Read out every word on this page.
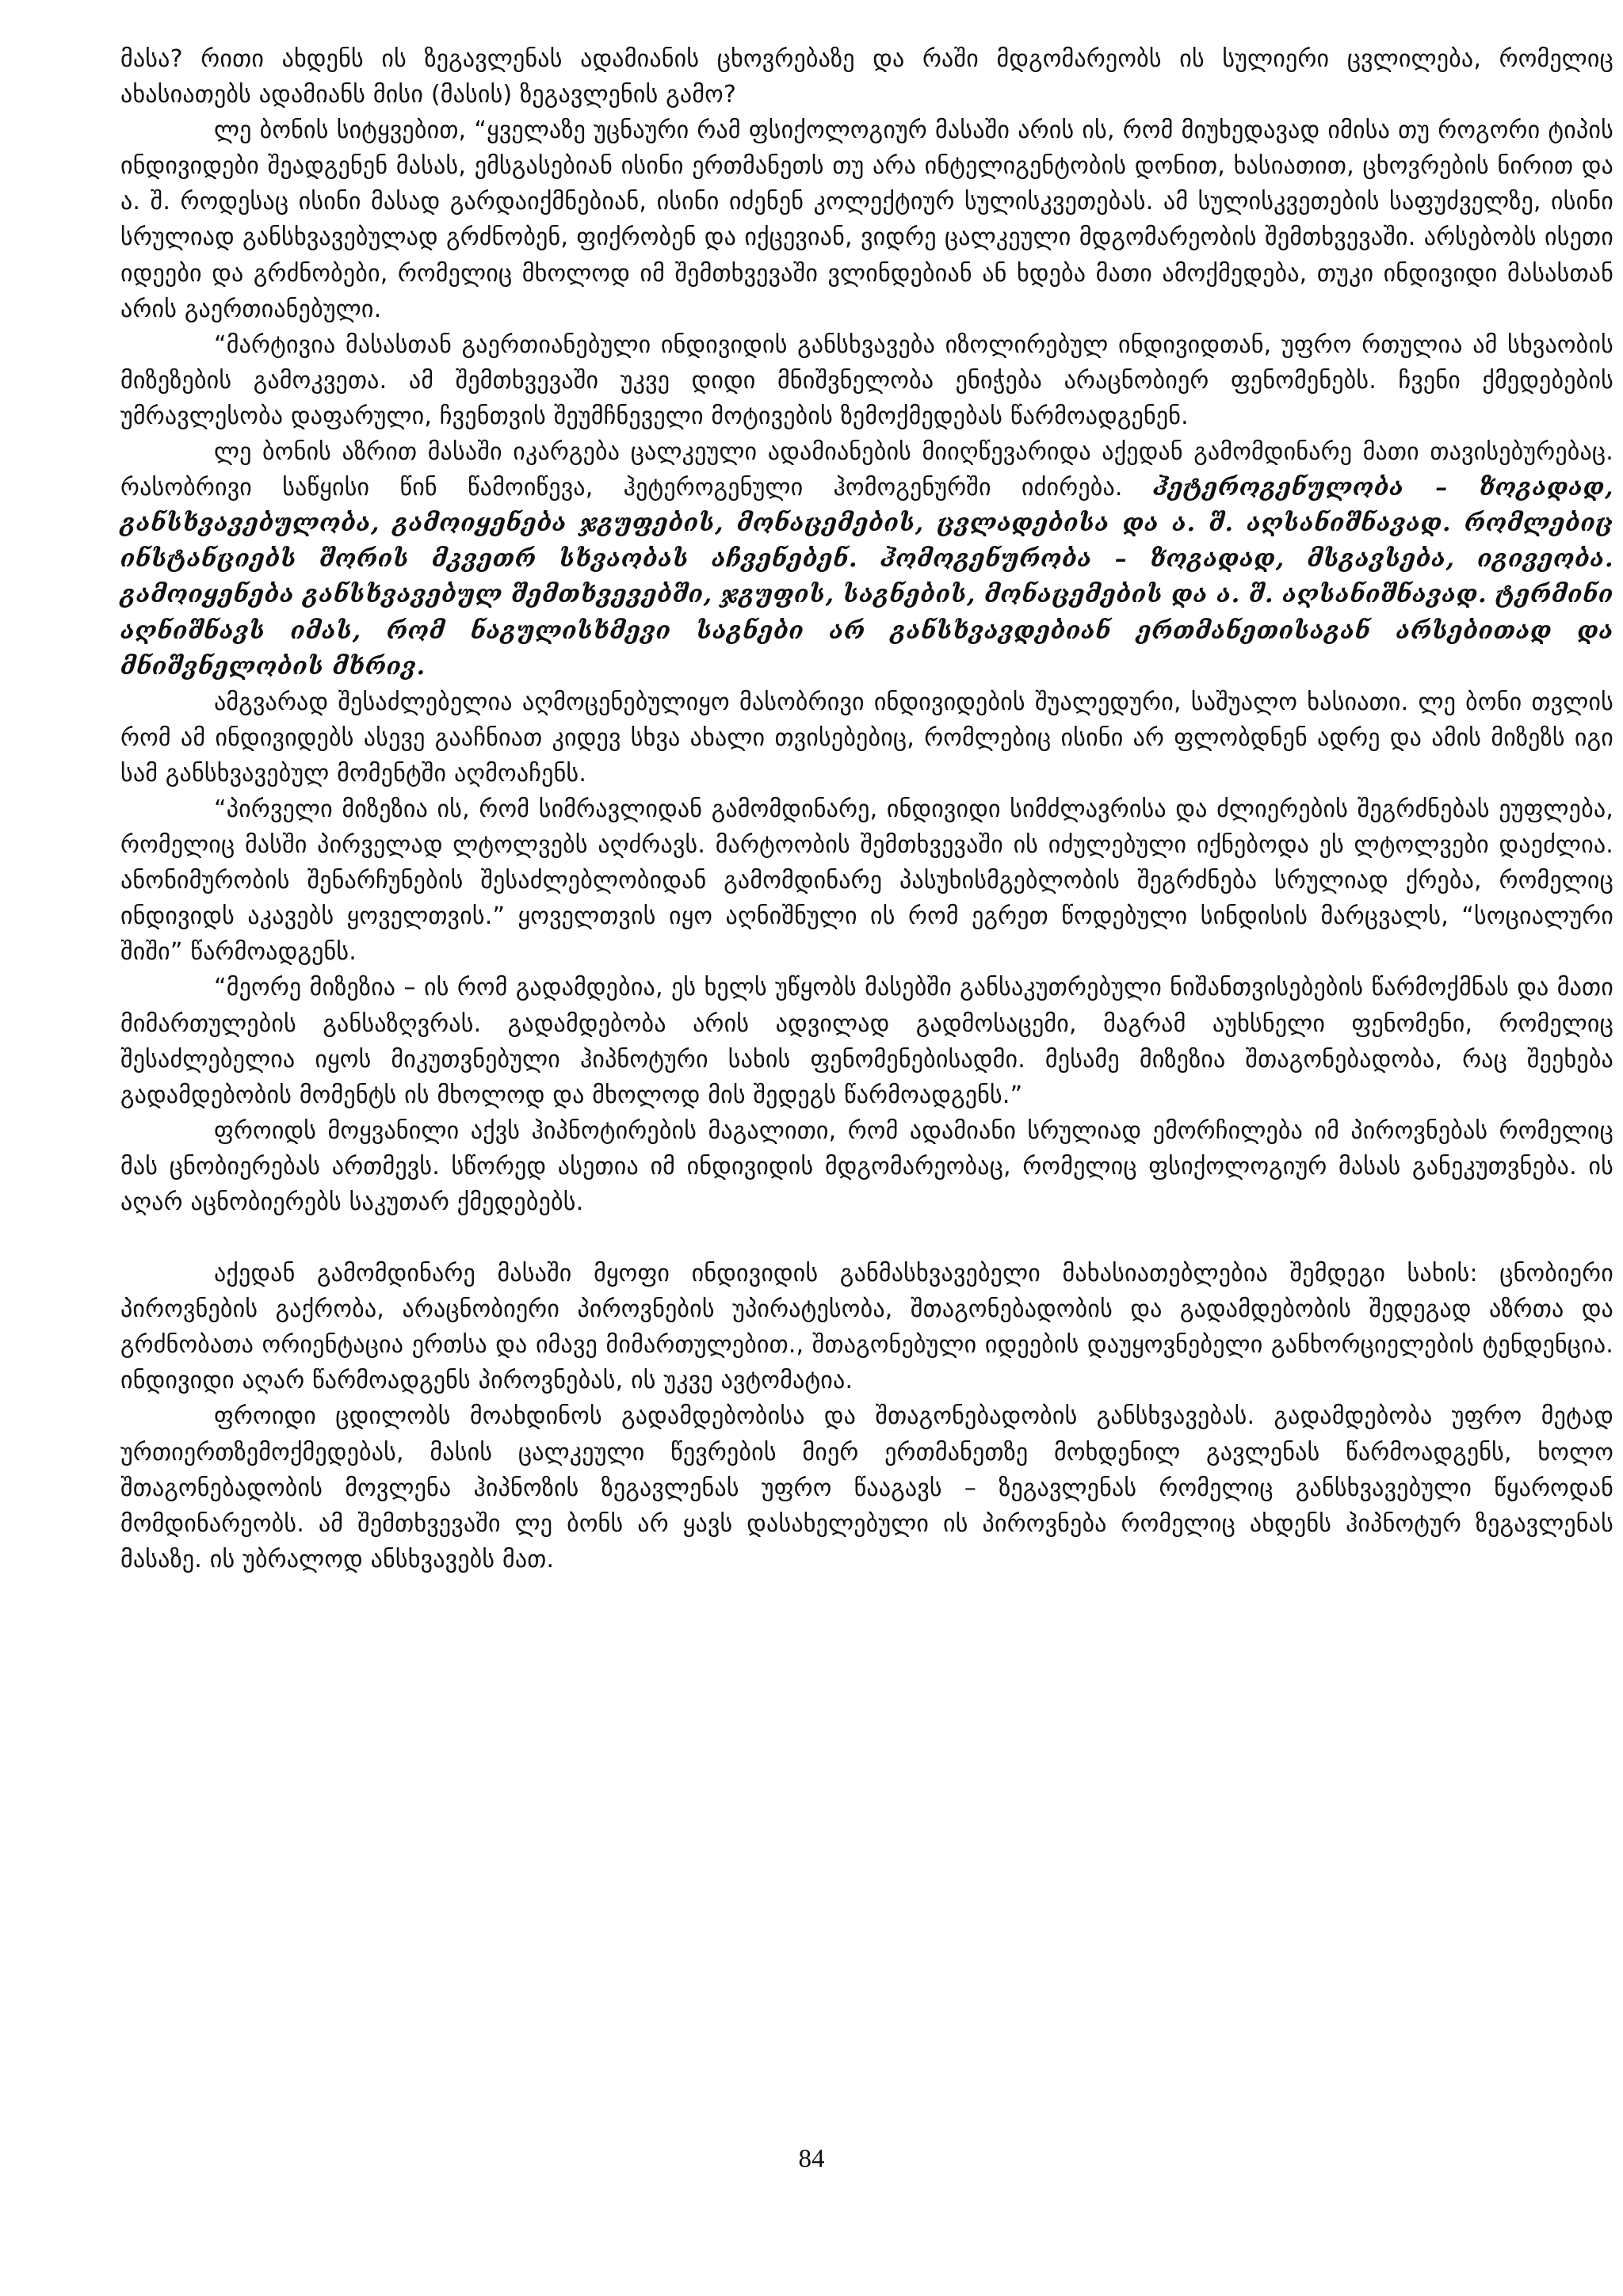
მასა? რითი ახდენს ის ზეგავლენას ადამიანის ცხოვრებაზე და რაში მდგომარეობს ის სულიერი ცვლილება, რომელიც ახასიათებს ადამიანს მისი (მასის) ზეგავლენის გამო?

ლე ბონის სიტყვებით, “ყველაზე უცნაური რამ ფსიქოლოგიურ მასაში არის ის, რომ მიუხედავად იმისა თუ როგორი ტიპის ინდივიდები შეადგენენ მასას, ემსგასებიან ისინი ერთმანეთს თუ არა ინტელიგენტობის დონით, ხასიათით, ცხოვრების ნირით და ა. შ. როდესაც ისინი მასად გარდაიქმნებიან, ისინი იძენენ კოლექტიურ სულისკვეთებას. ამ სულისკვეთების საფუძველზე, ისინი სრულიად განსხვავებულად გრძნობენ, ფიქრობენ და იქცევიან, ვიდრე ცალკეული მდგომარეობის შემთხვევაში. არსებობს ისეთი იდეები და გრძნობები, რომელიც მხოლოდ იმ შემთხვევაში ვლინდებიან ან ხდება მათი ამოქმედება, თუკი ინდივიდი მასასთან არის გაერთიანებული.

“მარტივია მასასთან გაერთიანებული ინდივიდის განსხვავება იზოლირებულ ინდივიდთან, უფრო რთულია ამ სხვაობის მიზეზების გამოკვეთა. ამ შემთხვევაში უკვე დიდი მნიშვნელობა ენიჭება არაცნობიერ ფენომენებს. ჩვენი ქმედებების უმრავლესობა დაფარული, ჩვენთვის შეუმჩნეველი მოტივების ზემოქმედებას წარმოადგენენ.

ლე ბონის აზრით მასაში იკარგება ცალკეული ადამიანების მიიღწევარიდა აქედან გამომდინარე მათი თავისებურებაც. რასობრივი საწყისი წინ წამოიწევა, ჰეტეროგენული ჰომოგენურში იძირება. ჰეტეროგენულობა – ზოგადად, განსხვავებულობა, გამოიყენება ჯგუფების, მონაცემების, ცვლადებისა და ა. შ. აღსანიშნავად. რომლებიც ინსტანციებს შორის მკვეთრ სხვაობას აჩვენებენ. ჰომოგენურობა – ზოგადად, მსგავსება, იგივეობა. გამოიყენება განსხვავებულ შემთხვევებში, ჯგუფის, საგნების, მონაცემების და ა. შ. აღსანიშნავად. ტერმინი აღნიშნავს იმას, რომ ნაგულისხმევი საგნები არ განსხვავდებიან ერთმანეთისაგან არსებითად და მნიშვნელობის მხრივ.

ამგვარად შესაძლებელია აღმოცენებულიყო მასობრივი ინდივიდების შუალედური, საშუალო ხასიათი. ლე ბონი თვლის რომ ამ ინდივიდებს ასევე გააჩნიათ კიდევ სხვა ახალი თვისებებიც, რომლებიც ისინი არ ფლობდნენ ადრე და ამის მიზეზს იგი სამ განსხვავებულ მომენტში აღმოაჩენს.

“პირველი მიზეზია ის, რომ სიმრავლიდან გამომდინარე, ინდივიდი სიმძლავრისა და ძლიერების შეგრძნებას ეუფლება, რომელიც მასში პირველად ლტოლვებს აღძრავს. მარტოობის შემთხვევაში ის იძულებული იქნებოდა ეს ლტოლვები დაეძლია. ანონიმურობის შენარჩუნების შესაძლებლობიდან გამომდინარე პასუხისმგებლობის შეგრძნება სრულიად ქრება, რომელიც ინდივიდს აკავებს ყოველთვის.” ყოველთვის იყო აღნიშნული ის რომ ეგრეთ წოდებული სინდისის მარცვალს, “სოციალური შიში” წარმოადგენს.

“მეორე მიზეზია – ის რომ გადამდებია, ეს ხელს უწყობს მასებში განსაკუთრებული ნიშანთვისებების წარმოქმნას და მათი მიმართულების განსაზღვრას. გადამდებობა არის ადვილად გადმოსაცემი, მაგრამ აუხსნელი ფენომენი, რომელიც შესაძლებელია იყოს მიკუთვნებული ჰიპნოტური სახის ფენომენებისადმი. მესამე მიზეზია შთაგონებადობა, რაც შეეხება გადამდებობის მომენტს ის მხოლოდ და მხოლოდ მის შედეგს წარმოადგენს.”

ფროიდს მოყვანილი აქვს ჰიპნოტირების მაგალითი, რომ ადამიანი სრულიად ემორჩილება იმ პიროვნებას რომელიც მას ცნობიერებას ართმევს. სწორედ ასეთია იმ ინდივიდის მდგომარეობაც, რომელიც ფსიქოლოგიურ მასას განეკუთვნება. ის აღარ აცნობიერებს საკუთარ ქმედებებს.

აქედან გამომდინარე მასაში მყოფი ინდივიდის განმასხვავებელი მახასიათებლებია შემდეგი სახის: ცნობიერი პიროვნების გაქრობა, არაცნობიერი პიროვნების უპირატესობა, შთაგონებადობის და გადამდებობის შედეგად აზრთა და გრძნობათა ორიენტაცია ერთსა და იმავე მიმართულებით., შთაგონებული იდეების დაუყოვნებელი განხორციელების ტენდენცია. ინდივიდი აღარ წარმოადგენს პიროვნებას, ის უკვე ავტომატია.

ფროიდი ცდილობს მოახდინოს გადამდებობისა და შთაგონებადობის განსხვავებას. გადამდებობა უფრო მეტად ურთიერთზემოქმედებას, მასის ცალკეული წევრების მიერ ერთმანეთზე მოხდენილ გავლენას წარმოადგენს, ხოლო შთაგონებადობის მოვლენა ჰიპნოზის ზეგავლენას უფრო წააგავს – ზეგავლენას რომელიც განსხვავებული წყაროდან მომდინარეობს. ამ შემთხვევაში ლე ბონს არ ყავს დასახელებული ის პიროვნება რომელიც ახდენს ჰიპნოტურ ზეგავლენას მასაზე. ის უბრალოდ ანსხვავებს მათ.

84
